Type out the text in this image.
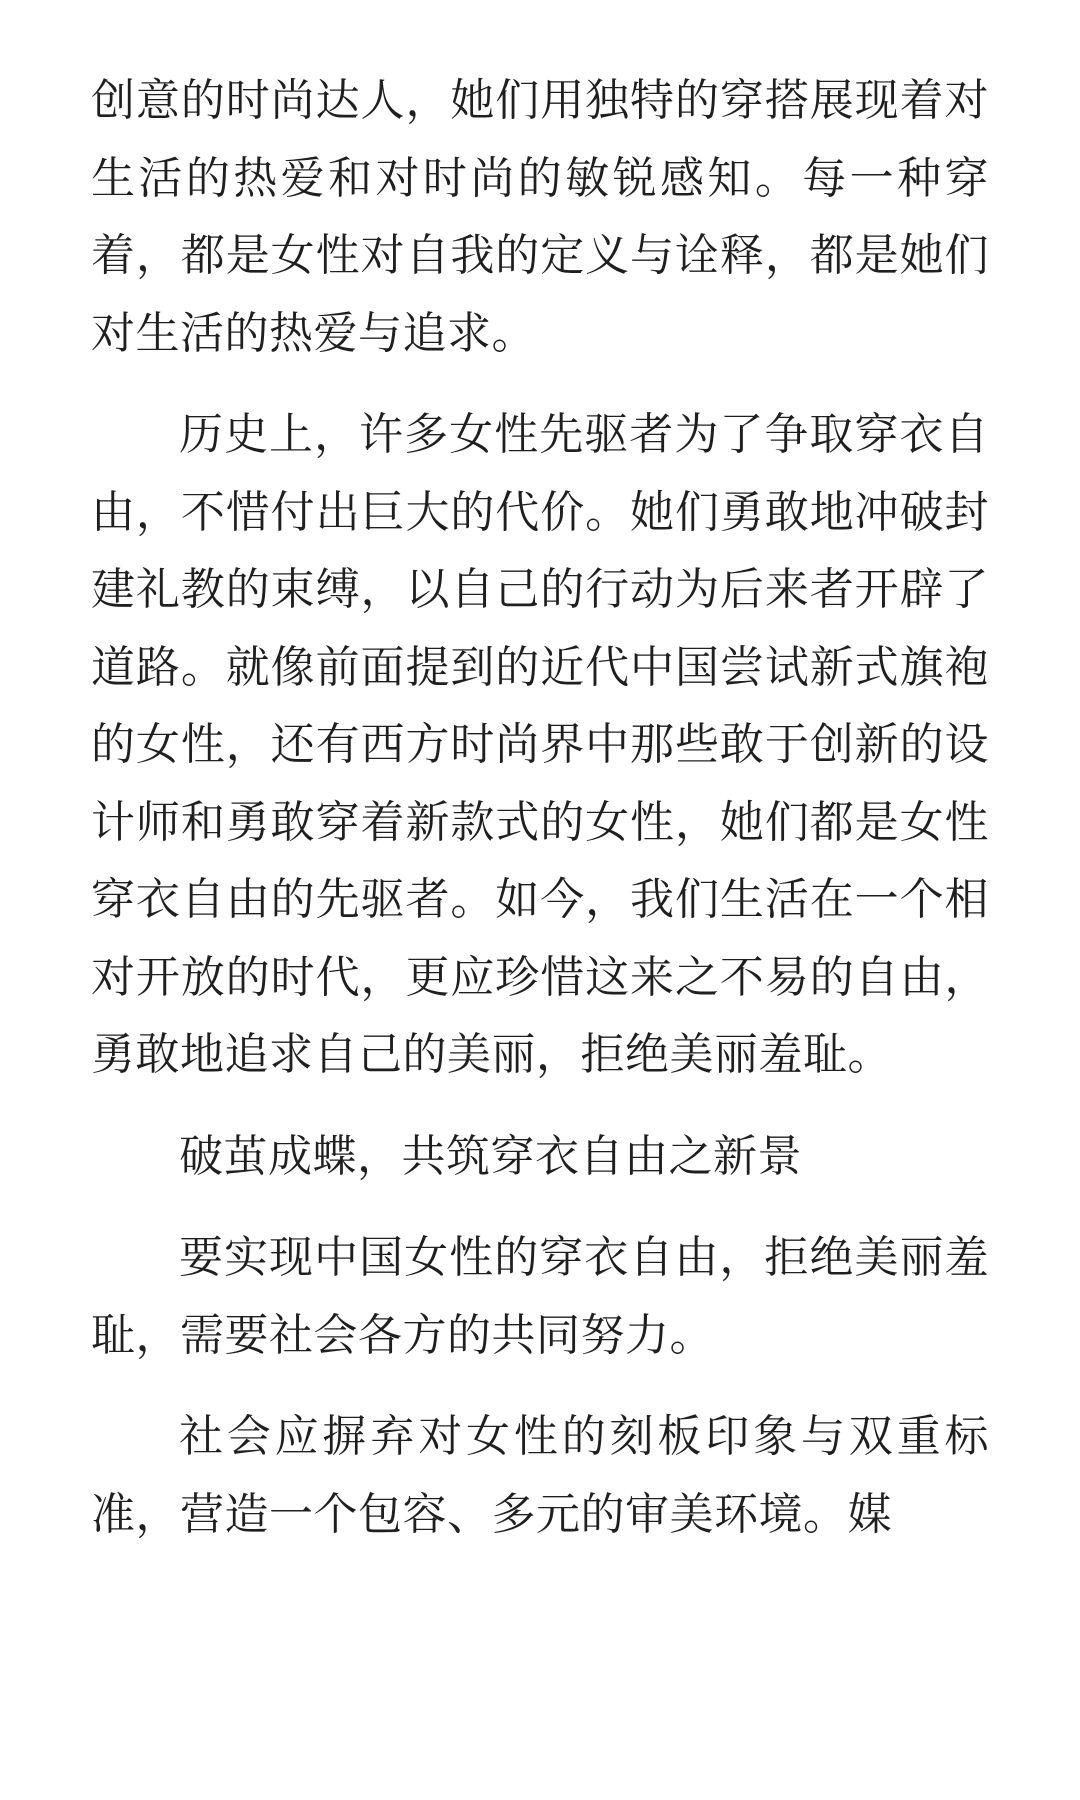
创意的时尚达人，她们用独特的穿搭展现着对生活的热爱和对时尚的敏锐感知。每一种穿着，都是女性对自我的定义与诠释，都是她们对生活的热爱与追求。

历史上，许多女性先驱者为了争取穿衣自由，不惜付出巨大的代价。她们勇敢地冲破封建礼教的束缚，以自己的行动为后来者开辟了道路。就像前面提到的近代中国尝试新式旗袍的女性，还有西方时尚界中那些敢于创新的设计师和勇敢穿着新款式的女性，她们都是女性穿衣自由的先驱者。如今，我们生活在一个相对开放的时代，更应珍惜这来之不易的自由，勇敢地追求自己的美丽，拒绝美丽羞耻。

破茧成蝶，共筑穿衣自由之新景

要实现中国女性的穿衣自由，拒绝美丽羞耻，需要社会各方的共同努力。

社会应摒弃对女性的刻板印象与双重标准，营造一个包容、多元的审美环境。媒
